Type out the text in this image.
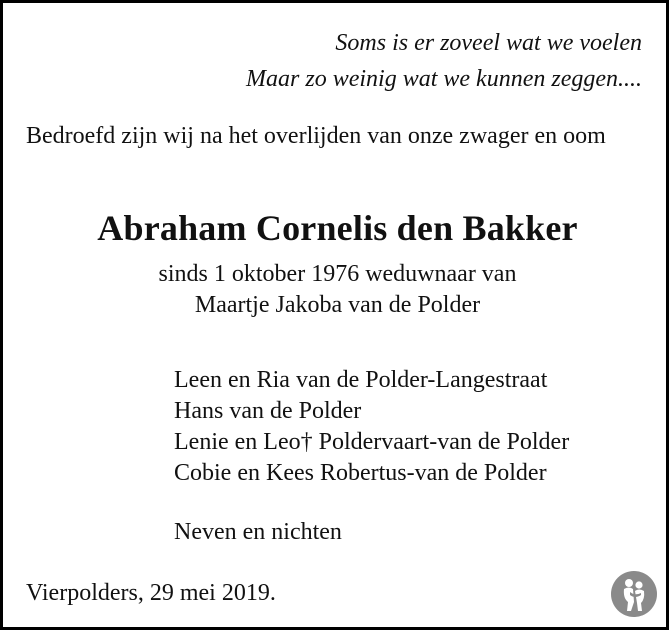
Soms is er zoveel wat we voelen
Maar zo weinig wat we kunnen zeggen....
Bedroefd zijn wij na het overlijden van onze zwager en oom
Abraham Cornelis den Bakker
sinds 1 oktober 1976 weduwnaar van
Maartje Jakoba van de Polder
Leen en Ria van de Polder-Langestraat
Hans van de Polder
Lenie en Leo† Poldervaart-van de Polder
Cobie en Kees Robertus-van de Polder
Neven en nichten
Vierpolders, 29 mei 2019.
